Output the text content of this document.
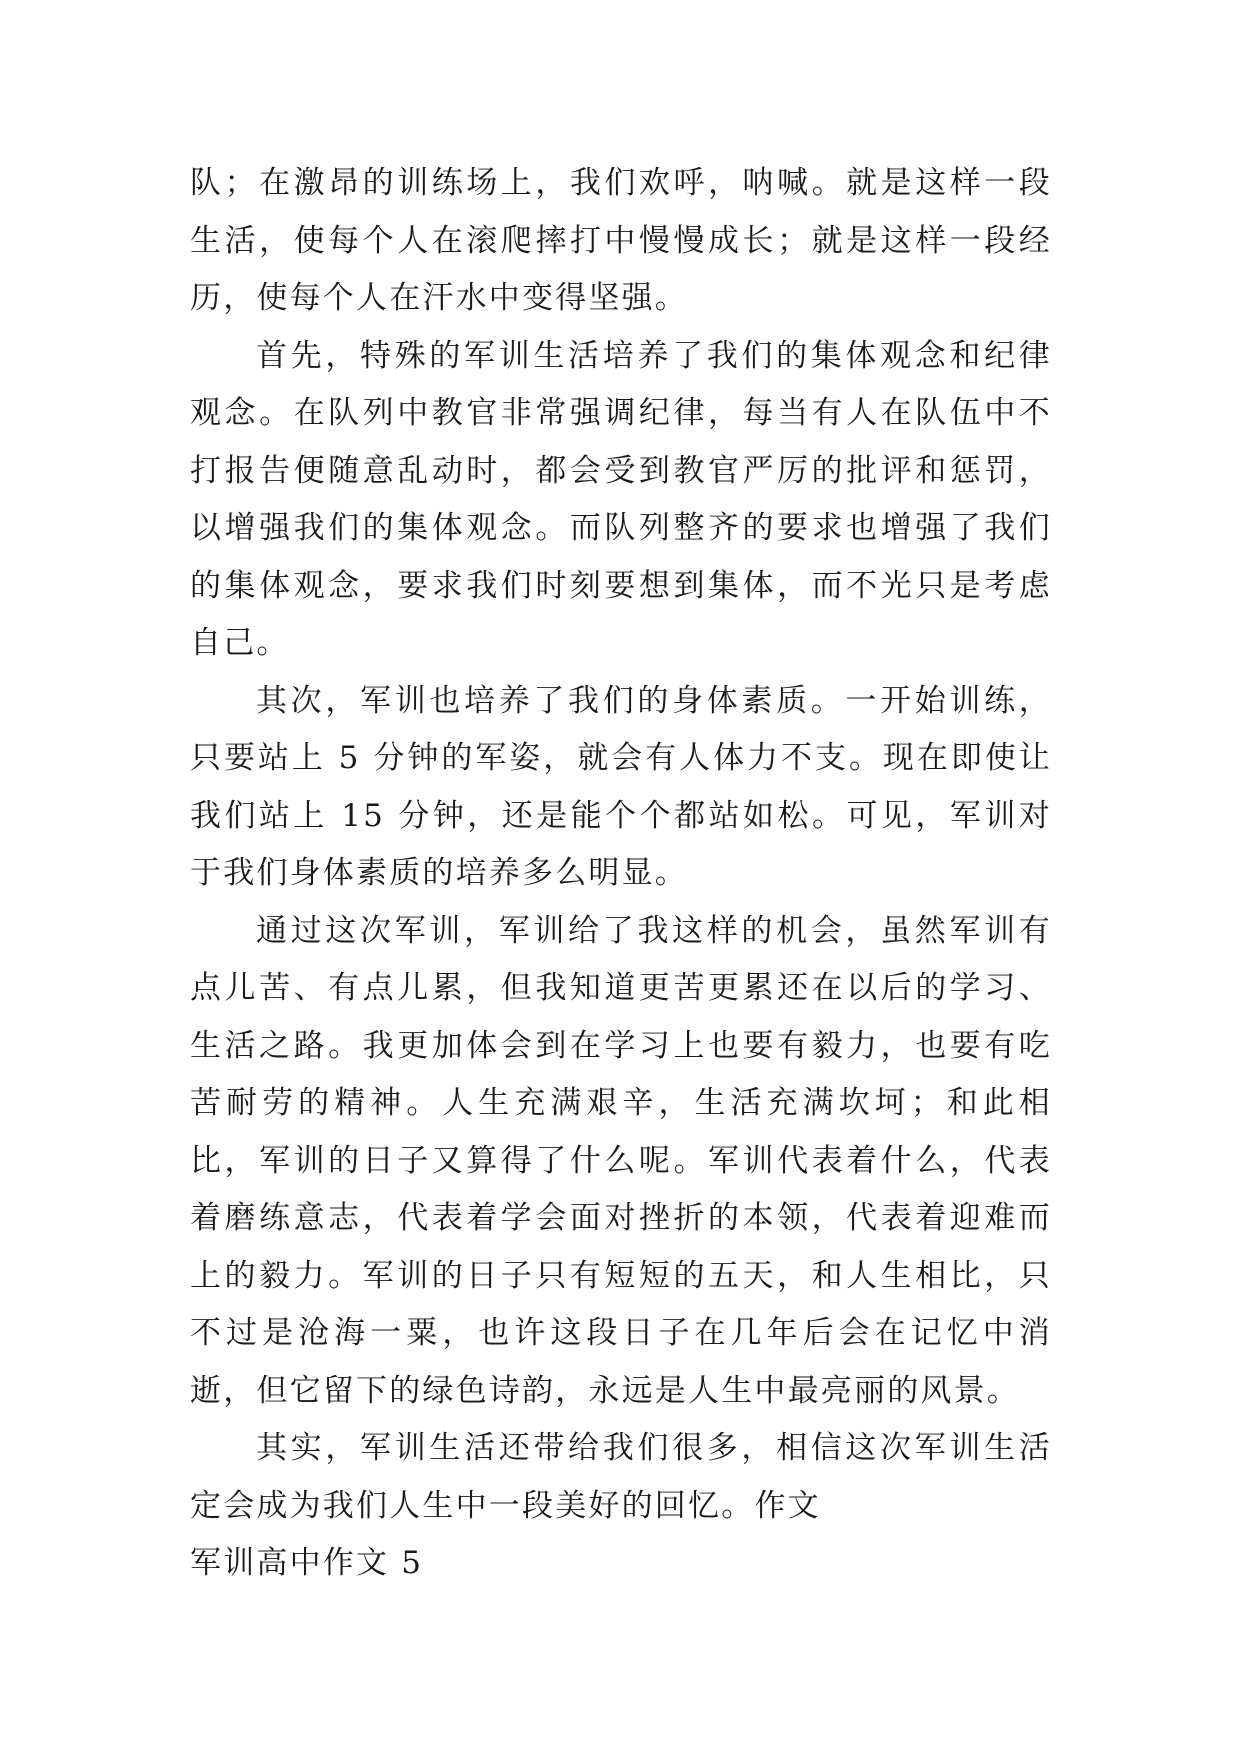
队；在激昂的训练场上，我们欢呼，呐喊。就是这样一段生活，使每个人在滚爬摔打中慢慢成长；就是这样一段经历，使每个人在汗水中变得坚强。

首先，特殊的军训生活培养了我们的集体观念和纪律观念。在队列中教官非常强调纪律，每当有人在队伍中不打报告便随意乱动时，都会受到教官严厉的批评和惩罚，以增强我们的集体观念。而队列整齐的要求也增强了我们的集体观念，要求我们时刻要想到集体，而不光只是考虑自己。

其次，军训也培养了我们的身体素质。一开始训练，只要站上 5 分钟的军姿，就会有人体力不支。现在即使让我们站上 15 分钟，还是能个个都站如松。可见，军训对于我们身体素质的培养多么明显。

通过这次军训，军训给了我这样的机会，虽然军训有点儿苦、有点儿累，但我知道更苦更累还在以后的学习、生活之路。我更加体会到在学习上也要有毅力，也要有吃苦耐劳的精神。人生充满艰辛，生活充满坎坷；和此相比，军训的日子又算得了什么呢。军训代表着什么，代表着磨练意志，代表着学会面对挫折的本领，代表着迎难而上的毅力。军训的日子只有短短的五天，和人生相比，只不过是沧海一粟，也许这段日子在几年后会在记忆中消逝，但它留下的绿色诗韵，永远是人生中最亮丽的风景。

其实，军训生活还带给我们很多，相信这次军训生活定会成为我们人生中一段美好的回忆。作文

军训高中作文 5
